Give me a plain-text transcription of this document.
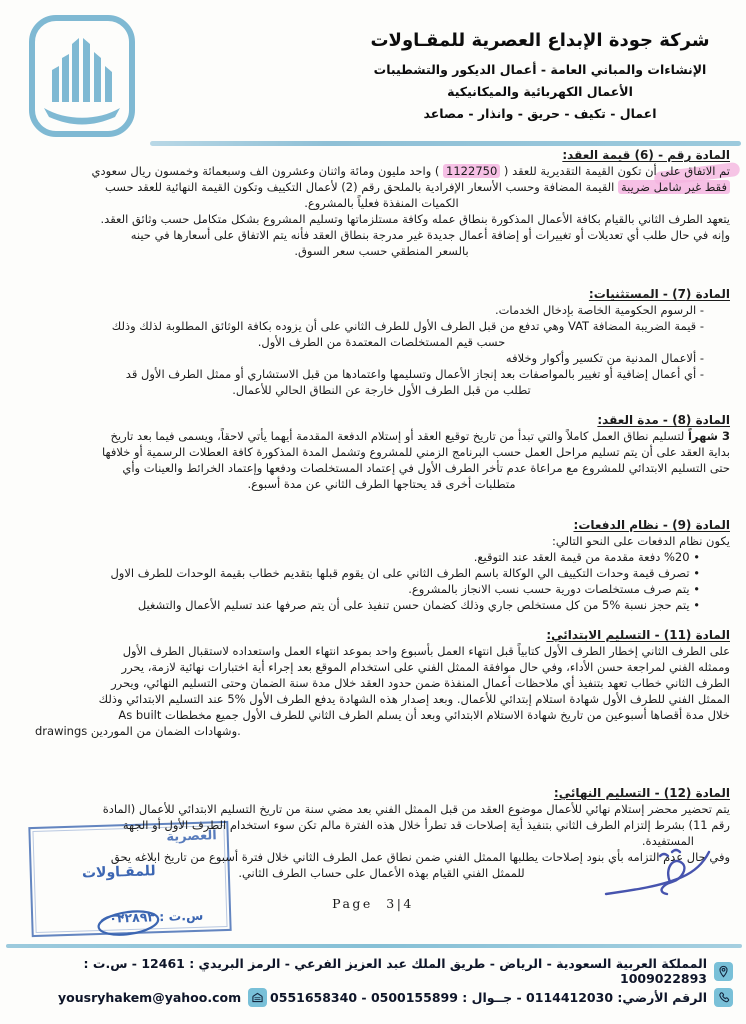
شركة جودة الإبداع العصرية للمقـاولات
الإنشاءات والمباني العامة - أعمال الديكور والتشطيبات
الأعمال الكهربائية والميكانيكية
اعمال - تكيف - حريق - وانذار - مصاعد
المادة رقم - (6) قيمة العقد:
تم الاتفاق على أن تكون القيمة التقديرية للعقد ( 1122750 ) واحد مليون ومائة واثنان وعشرون الف وسبعمائة وخمسون ريال سعودي
فقط غير شامل ضريبة القيمة المضافة وحسب الأسعار الإفرادية بالملحق رقم (2) لأعمال التكييف وتكون القيمة النهائية للعقد حسب
الكميات المنفذة فعلياً بالمشروع.
يتعهد الطرف الثاني بالقيام بكافة الأعمال المذكورة بنطاق عمله وكافة مستلزماتها وتسليم المشروع بشكل متكامل حسب وثائق العقد.
وإنه في حال طلب أي تعديلات أو تغييرات أو إضافة أعمال جديدة غير مدرجة بنطاق العقد فأنه يتم الاتفاق على أسعارها في حينه
بالسعر المنطقي حسب سعر السوق.
المادة (7) - المستثنيات:
- الرسوم الحكومية الخاصة بإدخال الخدمات.
- قيمة الضريبة المضافة VAT وهي تدفع من قبل الطرف الأول للطرف الثاني على أن يزوده بكافة الوثائق المطلوبة لذلك وذلك
حسب قيم المستخلصات المعتمدة من الطرف الأول.
- ألاعمال المدنية من تكسير وأكوار وخلافه
- أي أعمال إضافية أو تغيير بالمواصفات بعد إنجاز الأعمال وتسليمها واعتمادها من قبل الاستشاري أو ممثل الطرف الأول قد
تطلب من قبل الطرف الأول خارجة عن النطاق الحالي للأعمال.
المادة (8) - مدة العقد:
3 شهراً لتسليم نطاق العمل كاملاً والتي تبدأ من تاريخ توقيع العقد أو إستلام الدفعة المقدمة أيهما يأتي لاحقاً، ويسمى فيما بعد تاريخ
بداية العقد على أن يتم تسليم مراحل العمل حسب البرنامج الزمني للمشروع وتشمل المدة المذكورة كافة العطلات الرسمية أو خلافها
حتى التسليم الابتدائي للمشروع مع مراعاة عدم تأخر الطرف الأول في إعتماد المستخلصات ودفعها وإعتماد الخرائط والعينات وأي
متطلبات أخرى قد يحتاجها الطرف الثاني عن مدة أسبوع.
المادة (9) - نظام الدفعات:
يكون نظام الدفعات على النحو التالي:
• %20 دفعة مقدمة من قيمة العقد عند التوقيع.
• تصرف قيمة وحدات التكييف الي الوكالة باسم الطرف الثاني على ان يقوم قبلها بتقديم خطاب بقيمة الوحدات للطرف الاول
• يتم صرف مستخلصات دورية حسب نسب الانجاز بالمشروع.
• يتم حجز نسبة %5 من كل مستخلص جاري وذلك كضمان حسن تنفيذ على أن يتم صرفها عند تسليم الأعمال والتشغيل
المادة (11) - التسليم الابتدائي:
على الطرف الثاني إخطار الطرف الأول كتابياً قبل انتهاء العمل بأسبوع واحد بموعد انتهاء العمل واستعداده لاستقبال الطرف الأول
وممثله الفني لمراجعة حسن الأداء، وفي حال موافقة الممثل الفني على استخدام الموقع بعد إجراء أية اختبارات نهائية لازمة، يحرر
الطرف الثاني خطاب تعهد بتنفيذ أي ملاحظات أعمال المنفذة ضمن حدود العقد خلال مدة سنة الضمان وحتى التسليم النهائي، ويحرر
الممثل الفني للطرف الأول شهادة استلام إبتدائي للأعمال. وبعد إصدار هذه الشهادة يدفع الطرف الأول %5 عند التسليم الابتدائي وذلك
خلال مدة أقصاها أسبوعين من تاريخ شهادة الاستلام الابتدائي وبعد أن يسلم الطرف الثاني للطرف الأول جميع مخططات As built
drawings وشهادات الضمان من الموردين.
المادة (12) - التسليم النهائي:
يتم تحضير محضر إستلام نهائي للأعمال موضوع العقد من قبل الممثل الفني بعد مضي سنة من تاريخ التسليم الابتدائي للأعمال (المادة
رقم 11) بشرط إلتزام الطرف الثاني بتنفيذ أية إصلاحات قد تطرأ خلال هذه الفترة مالم تكن سوء استخدام الطرف الأول أو الجهة
المستفيدة.
وفي حال عدم التزامه بأي بنود إصلاحات يطلبها الممثل الفني ضمن نطاق عمل الطرف الثاني خلال فترة أسبوع من تاريخ ابلاغه يحق
للممثل الفني القيام بهذه الأعمال على حساب الطرف الثاني.
العصرية
للمقـاولات
س.ت : ٠٢٢٨٩٣
Page 3|4
المملكة العربية السعودية - الرياض - طريق الملك عبد العزيز الفرعي - الرمز البريدي : 12461 - س.ت : 1009022893
الرقم الأرضي: 0114412030 - جــوال : 0500155899 - 0551658340
yousryhakem@yahoo.com
